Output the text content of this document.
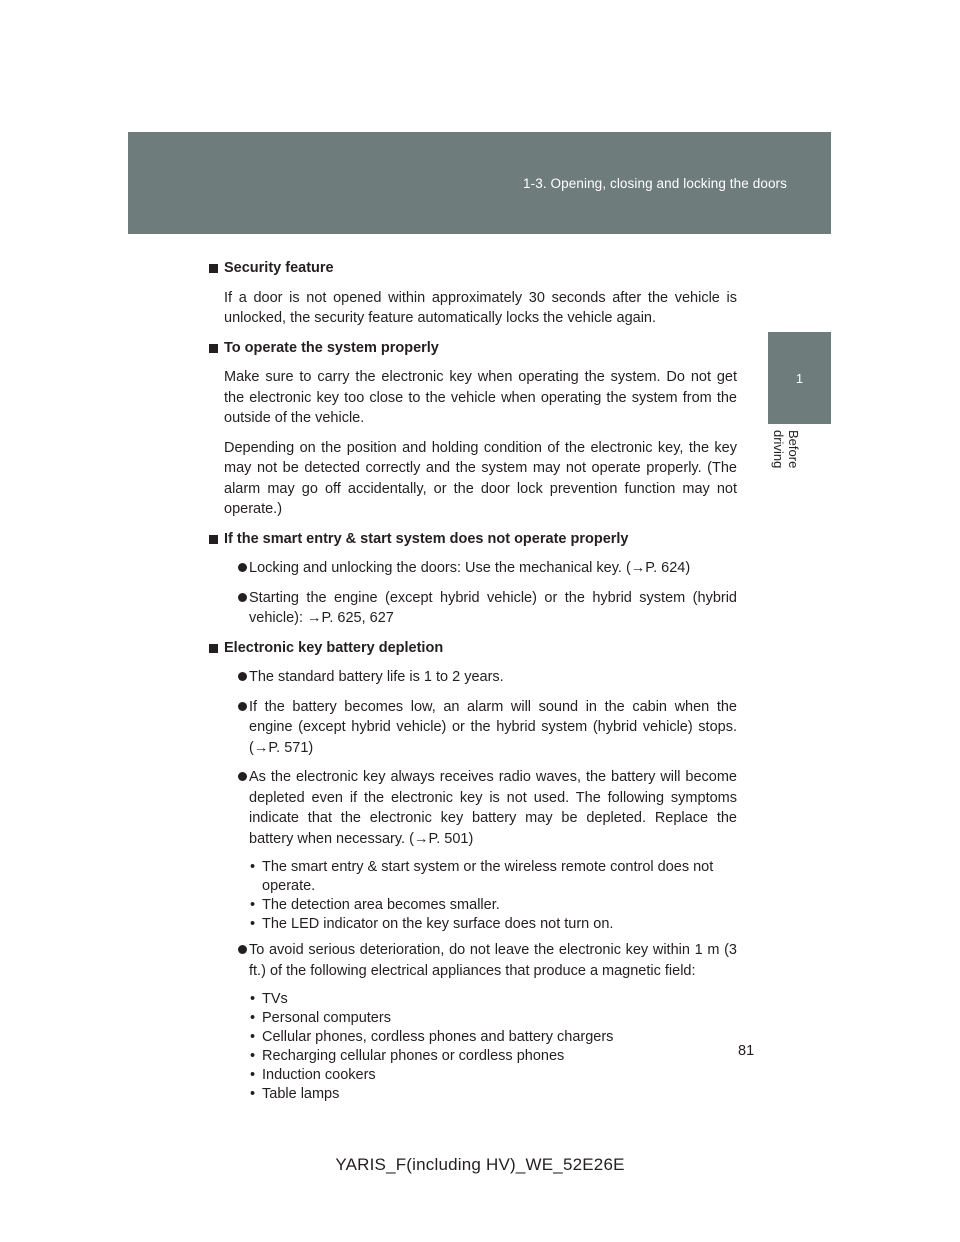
1-3. Opening, closing and locking the doors
1
Before driving
Security feature
If a door is not opened within approximately 30 seconds after the vehicle is unlocked, the security feature automatically locks the vehicle again.
To operate the system properly
Make sure to carry the electronic key when operating the system. Do not get the electronic key too close to the vehicle when operating the system from the outside of the vehicle.
Depending on the position and holding condition of the electronic key, the key may not be detected correctly and the system may not operate properly. (The alarm may go off accidentally, or the door lock prevention function may not operate.)
If the smart entry & start system does not operate properly
Locking and unlocking the doors: Use the mechanical key. (→P. 624)
Starting the engine (except hybrid vehicle) or the hybrid system (hybrid vehicle): →P. 625, 627
Electronic key battery depletion
The standard battery life is 1 to 2 years.
If the battery becomes low, an alarm will sound in the cabin when the engine (except hybrid vehicle) or the hybrid system (hybrid vehicle) stops. (→P. 571)
As the electronic key always receives radio waves, the battery will become depleted even if the electronic key is not used. The following symptoms indicate that the electronic key battery may be depleted. Replace the battery when necessary. (→P. 501)
• The smart entry & start system or the wireless remote control does not operate.
• The detection area becomes smaller.
• The LED indicator on the key surface does not turn on.
To avoid serious deterioration, do not leave the electronic key within 1 m (3 ft.) of the following electrical appliances that produce a magnetic field:
• TVs
• Personal computers
• Cellular phones, cordless phones and battery chargers
• Recharging cellular phones or cordless phones
• Induction cookers
• Table lamps
81
YARIS_F(including HV)_WE_52E26E
